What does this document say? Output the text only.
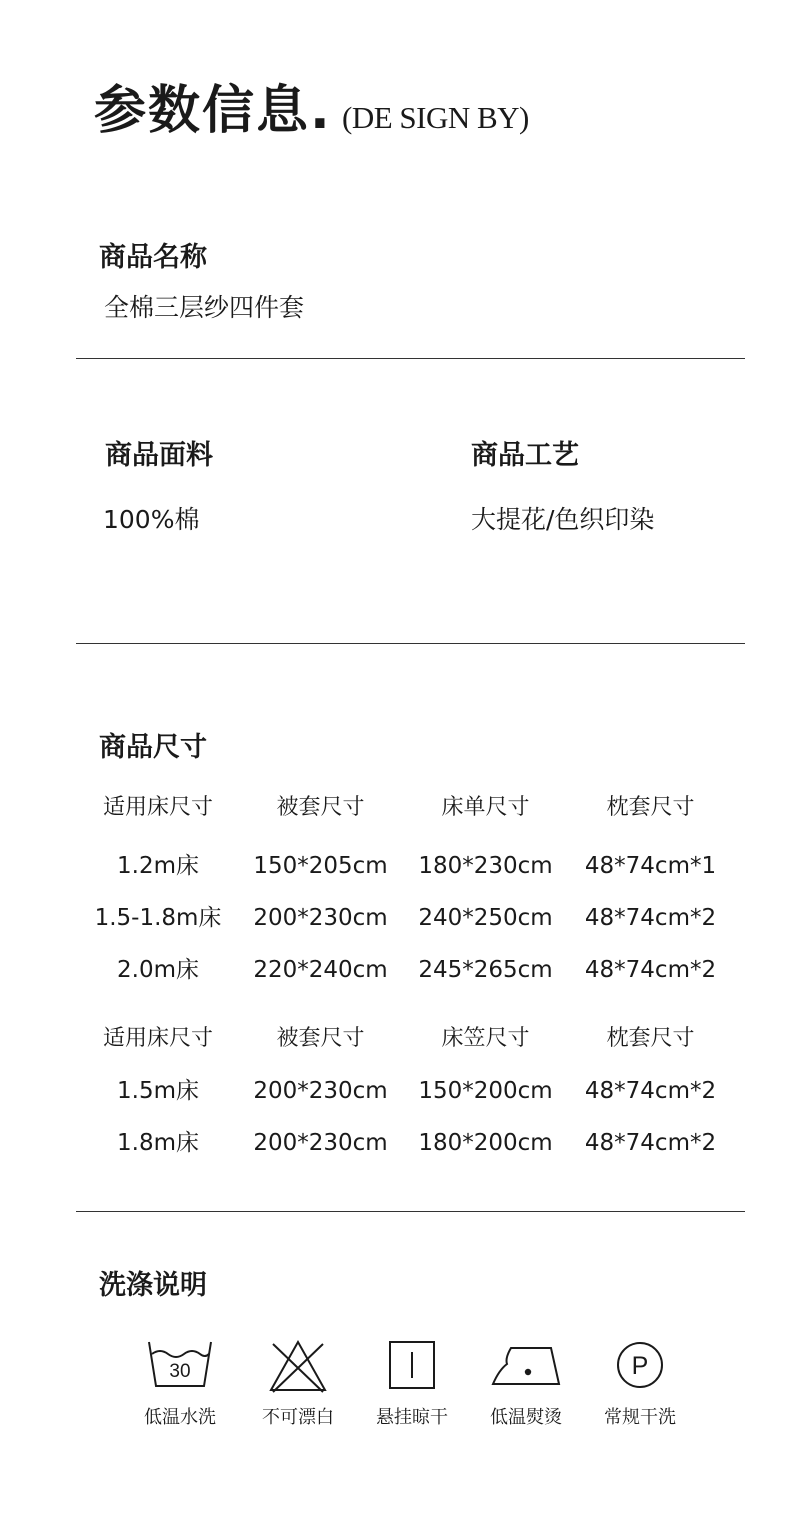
参数信息. (DE SIGN BY)
商品名称
全棉三层纱四件套
商品面料
100%棉
商品工艺
大提花/色织印染
商品尺寸
适用床尺寸	被套尺寸	床单尺寸	枕套尺寸
1.2m床	150*205cm	180*230cm	48*74cm*1
1.5-1.8m床	200*230cm	240*250cm	48*74cm*2
2.0m床	220*240cm	245*265cm	48*74cm*2
适用床尺寸	被套尺寸	床笠尺寸	枕套尺寸
1.5m床	200*230cm	150*200cm	48*74cm*2
1.8m床	200*230cm	180*200cm	48*74cm*2
洗涤说明
30
低温水洗	不可漂白	悬挂晾干	低温熨烫
P
常规干洗
